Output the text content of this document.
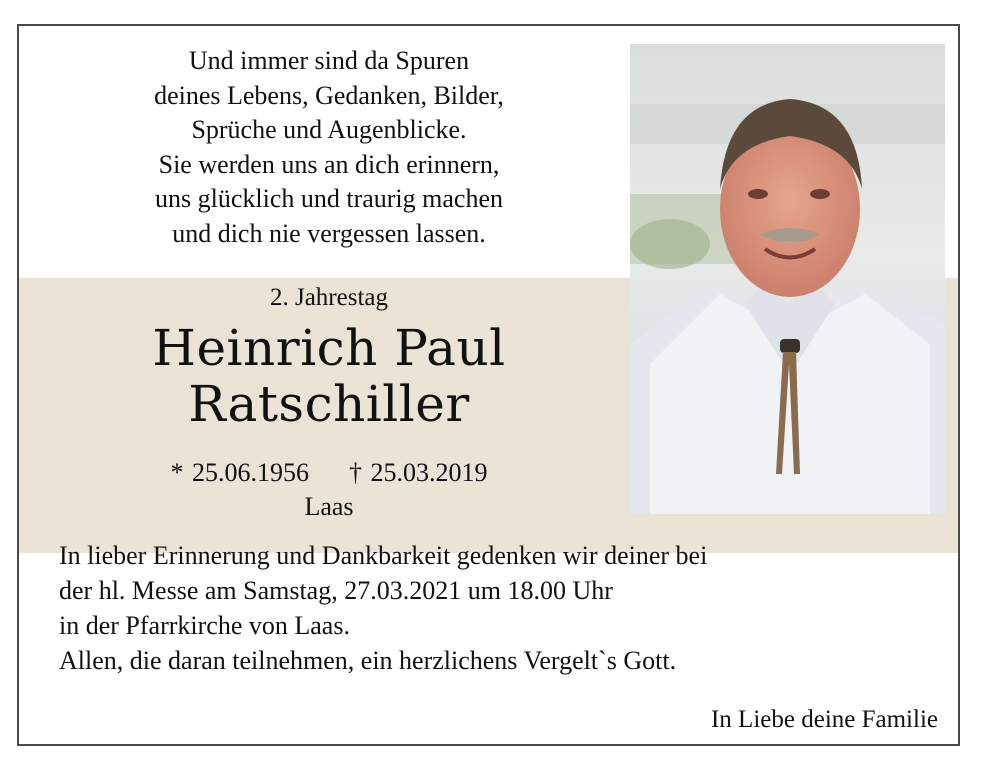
Und immer sind da Spuren
deines Lebens, Gedanken, Bilder,
Sprüche und Augenblicke.
Sie werden uns an dich erinnern,
uns glücklich und traurig machen
und dich nie vergessen lassen.
2. Jahrestag
Heinrich Paul
Ratschiller
* 25.06.1956 † 25.03.2019
Laas
In lieber Erinnerung und Dankbarkeit gedenken wir deiner bei
der hl. Messe am Samstag, 27.03.2021 um 18.00 Uhr
in der Pfarrkirche von Laas.
Allen, die daran teilnehmen, ein herzlichens Vergelt`s Gott.
In Liebe deine Familie
